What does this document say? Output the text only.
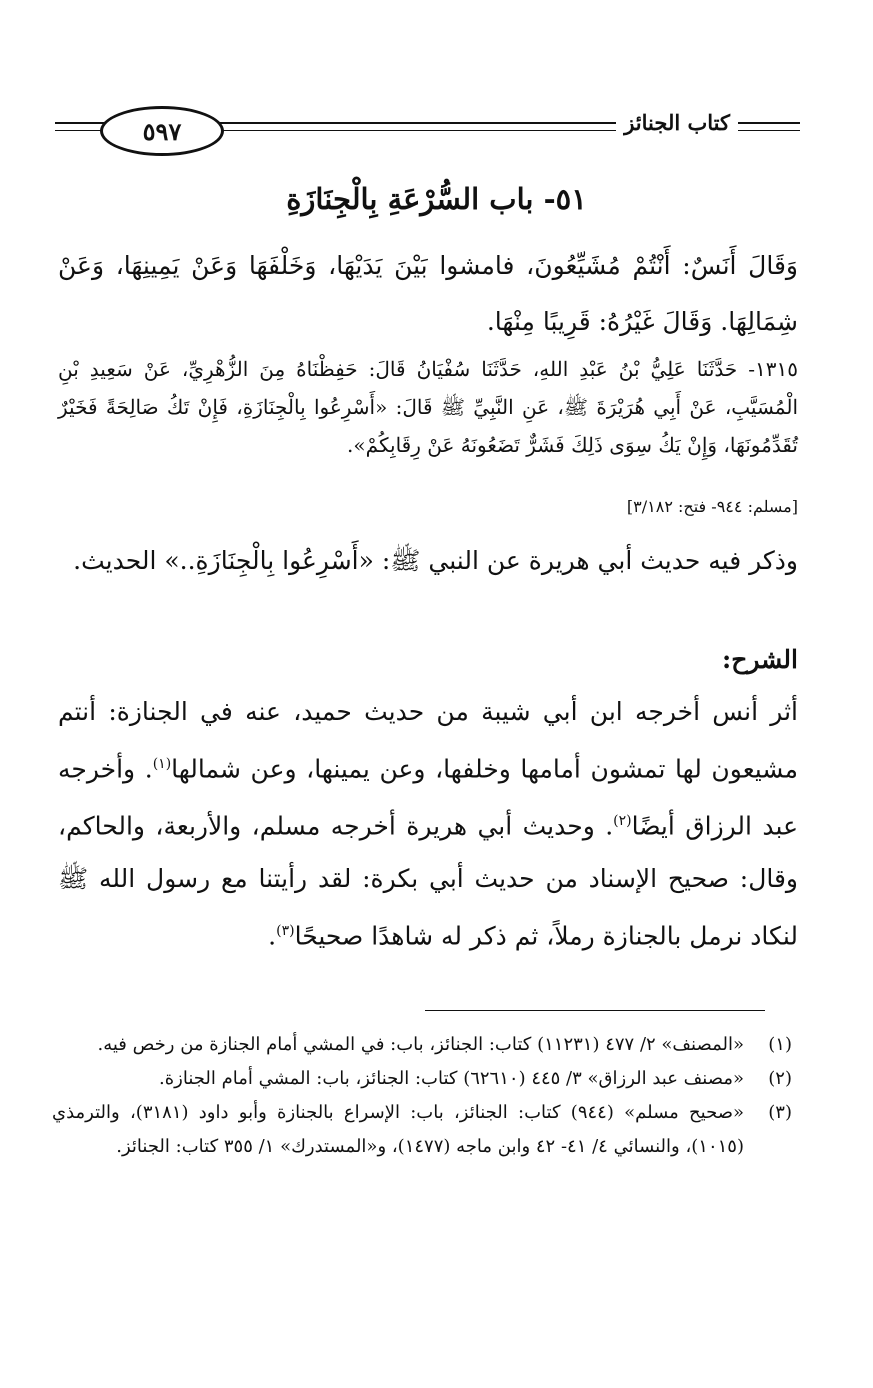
٥٩٧	كتاب الجنائز
٥١- باب السُّرْعَةِ بِالْجِنَازَةِ
وَقَالَ أَنَسٌ: أَنْتُمْ مُشَيِّعُونَ، فامشوا بَيْنَ يَدَيْهَا، وَخَلْفَهَا وَعَنْ يَمِينِهَا، وَعَنْ شِمَالِهَا. وَقَالَ غَيْرُهُ: قَرِيبًا مِنْهَا.
١٣١٥- حَدَّثَنَا عَلِيُّ بْنُ عَبْدِ اللهِ، حَدَّثَنَا سُفْيَانُ قَالَ: حَفِظْنَاهُ مِنَ الزُّهْرِيِّ، عَنْ سَعِيدِ بْنِ الْمُسَيَّبِ، عَنْ أَبِي هُرَيْرَةَ ﷺ، عَنِ النَّبِيِّ ﷺ قَالَ: «أَسْرِعُوا بِالْجِنَازَةِ، فَإِنْ تَكُ صَالِحَةً فَخَيْرٌ تُقَدِّمُونَهَا، وَإِنْ يَكُ سِوَى ذَلِكَ فَشَرٌّ تَضَعُونَهُ عَنْ رِقَابِكُمْ».
[مسلم: ٩٤٤- فتح: ٣/١٨٢]
وذكر فيه حديث أبي هريرة عن النبي ﷺ: «أَسْرِعُوا بِالْجِنَازَةِ..» الحديث.
الشرح:
أثر أنس أخرجه ابن أبي شيبة من حديث حميد، عنه في الجنازة: أنتم مشيعون لها تمشون أمامها وخلفها، وعن يمينها، وعن شمالها$^{(١)}$. وأخرجه عبد الرزاق أيضًا$^{(٢)}$. وحديث أبي هريرة أخرجه مسلم، والأربعة، والحاكم، وقال: صحيح الإسناد من حديث أبي بكرة: لقد رأيتنا مع رسول الله ﷺ لنكاد نرمل بالجنازة رملاً، ثم ذكر له شاهدًا صحيحًا$^{(٣)}$.
(١)
«المصنف» ٢/ ٤٧٧ (١١٢٣١) كتاب: الجنائز، باب: في المشي أمام الجنازة من رخص فيه.
(٢)
«مصنف عبد الرزاق» ٣/ ٤٤٥ (٦٢٦١٠) كتاب: الجنائز، باب: المشي أمام الجنازة.
(٣)
«صحيح مسلم» (٩٤٤) كتاب: الجنائز، باب: الإسراع بالجنازة وأبو داود (٣١٨١)، والترمذي (١٠١٥)، والنسائي ٤/ ٤١- ٤٢ وابن ماجه (١٤٧٧)، و«المستدرك» ١/ ٣٥٥ كتاب: الجنائز.
